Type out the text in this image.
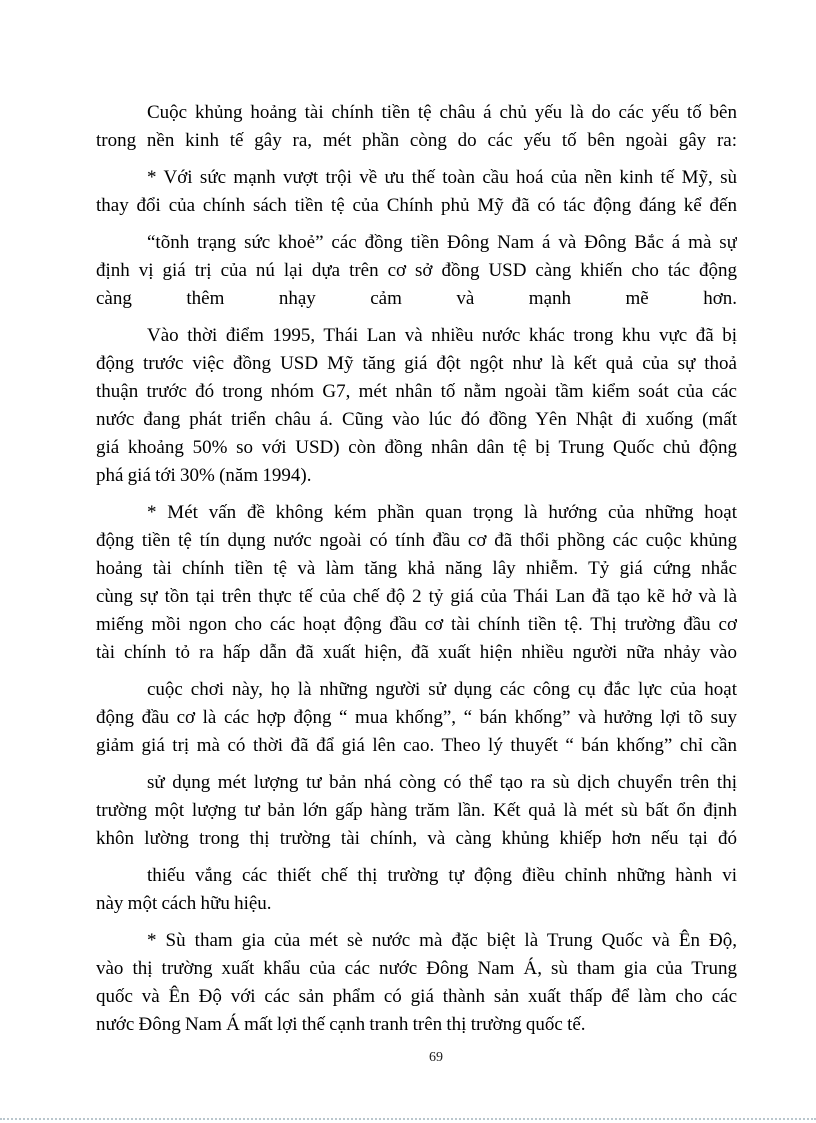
Cuộc khủng hoảng tài chính tiền tệ châu á chủ yếu là do các yếu tố bên
trong nền kinh tế gây ra, mét phần còng do các yếu tố bên ngoài gây ra:
* Với sức mạnh vượt trội về ưu thế toàn cầu hoá của nền kinh tế Mỹ, sù
thay đổi của chính sách tiền tệ của Chính phủ Mỹ đã có tác động đáng kể đến
“tõnh trạng sức khoẻ” các đồng tiền Đông Nam á và Đông Bắc á mà sự
định vị giá trị của nú lại dựa trên cơ sở đồng USD càng khiến cho tác động
càng thêm nhạy cảm và mạnh mẽ hơn.
Vào thời điểm 1995, Thái Lan và nhiều nước khác trong khu vực đã bị
động trước việc đồng USD Mỹ tăng giá đột ngột như là kết quả của sự thoả
thuận trước đó trong nhóm G7, mét nhân tố nằm ngoài tầm kiểm soát của các
nước đang phát triển châu á. Cũng vào lúc đó đồng Yên Nhật đi xuống (mất
giá khoảng 50% so với USD) còn đồng nhân dân tệ bị Trung Quốc chủ động
phá giá tới 30% (năm 1994).
* Mét vấn đề không kém phần quan trọng là hướng của những hoạt
động tiền tệ tín dụng nước ngoài có tính đầu cơ đã thổi phồng các cuộc khủng
hoảng tài chính tiền tệ và làm tăng khả năng lây nhiễm. Tỷ giá cứng nhắc
cùng sự tồn tại trên thực tế của chế độ 2 tỷ giá của Thái Lan đã tạo kẽ hở và là
miếng mồi ngon cho các hoạt động đầu cơ tài chính tiền tệ. Thị trường đầu cơ
tài chính tỏ ra hấp dẫn đã xuất hiện, đã xuất hiện nhiều người nữa nhảy vào
cuộc chơi này, họ là những người sử dụng các công cụ đắc lực của hoạt
động đầu cơ là các hợp động “ mua khống”, “ bán khống” và hưởng lợi tõ suy
giảm giá trị mà có thời đã đẩ giá lên cao. Theo lý thuyết “ bán khống” chỉ cần
sử dụng mét lượng tư bản nhá còng có thể tạo ra sù dịch chuyển trên thị
trường một lượng tư bản lớn gấp hàng trăm lần. Kết quả là mét sù bất ổn định
khôn lường trong thị trường tài chính, và càng khủng khiếp hơn nếu tại đó
thiếu vắng các thiết chế thị trường tự động điều chỉnh những hành vi
này một cách hữu hiệu.
* Sù tham gia của mét sè nước mà đặc biệt là Trung Quốc và Ên Độ,
vào thị trường xuất khẩu của các nước Đông Nam Á, sù tham gia của Trung
quốc và Ên Độ với các sản phẩm có giá thành sản xuất thấp để làm cho các
nước Đông Nam Á mất lợi thế cạnh tranh trên thị trường quốc tế.
69
